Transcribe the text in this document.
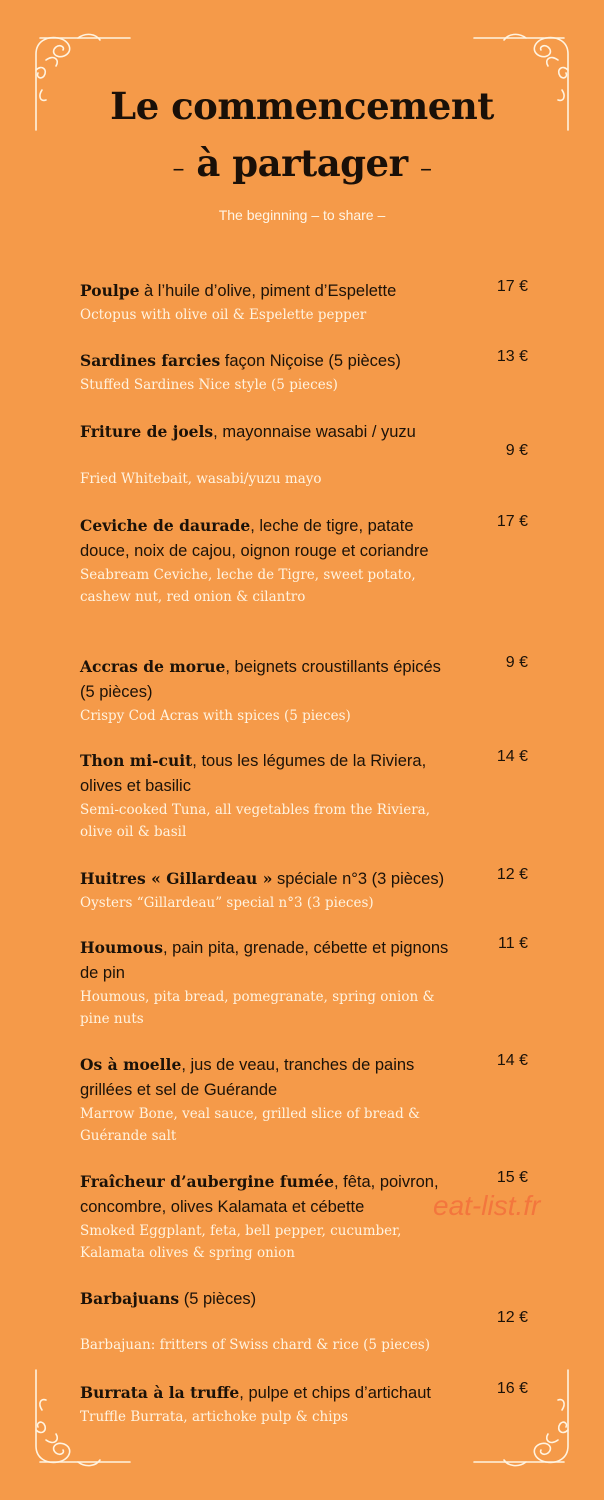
Le commencement
– à partager –
The beginning – to share –
Poulpe à l’huile d’olive, piment d’Espelette
Octopus with olive oil & Espelette pepper
17 €
Sardines farcies façon Niçoise (5 pièces)
Stuffed Sardines Nice style (5 pieces)
13 €
Friture de joels, mayonnaise wasabi / yuzu
Fried Whitebait, wasabi/yuzu mayo
9 €
Ceviche de daurade, leche de tigre, patate douce, noix de cajou, oignon rouge et coriandre
Seabream Ceviche, leche de Tigre, sweet potato, cashew nut, red onion & cilantro
17 €
Accras de morue, beignets croustillants épicés (5 pièces)
Crispy Cod Acras with spices (5 pieces)
9 €
Thon mi-cuit, tous les légumes de la Riviera, olives et basilic
Semi-cooked Tuna, all vegetables from the Riviera, olive oil & basil
14 €
Huitres « Gillardeau » spéciale n°3 (3 pièces)
Oysters “Gillardeau” special n°3 (3 pieces)
12 €
Houmous, pain pita, grenade, cébette et pignons de pin
Houmous, pita bread, pomegranate, spring onion & pine nuts
11 €
Os à moelle, jus de veau, tranches de pains grillées et sel de Guérande
Marrow Bone, veal sauce, grilled slice of bread & Guérande salt
14 €
Fraîcheur d’aubergine fumée, fêta, poivron, concombre, olives Kalamata et cébette
Smoked Eggplant, feta, bell pepper, cucumber, Kalamata olives & spring onion
15 €
Barbajuans (5 pièces)
Barbajuan: fritters of Swiss chard & rice (5 pieces)
12 €
Burrata à la truffe, pulpe et chips d’artichaut
Truffle Burrata, artichoke pulp & chips
16 €
eat-list.fr
